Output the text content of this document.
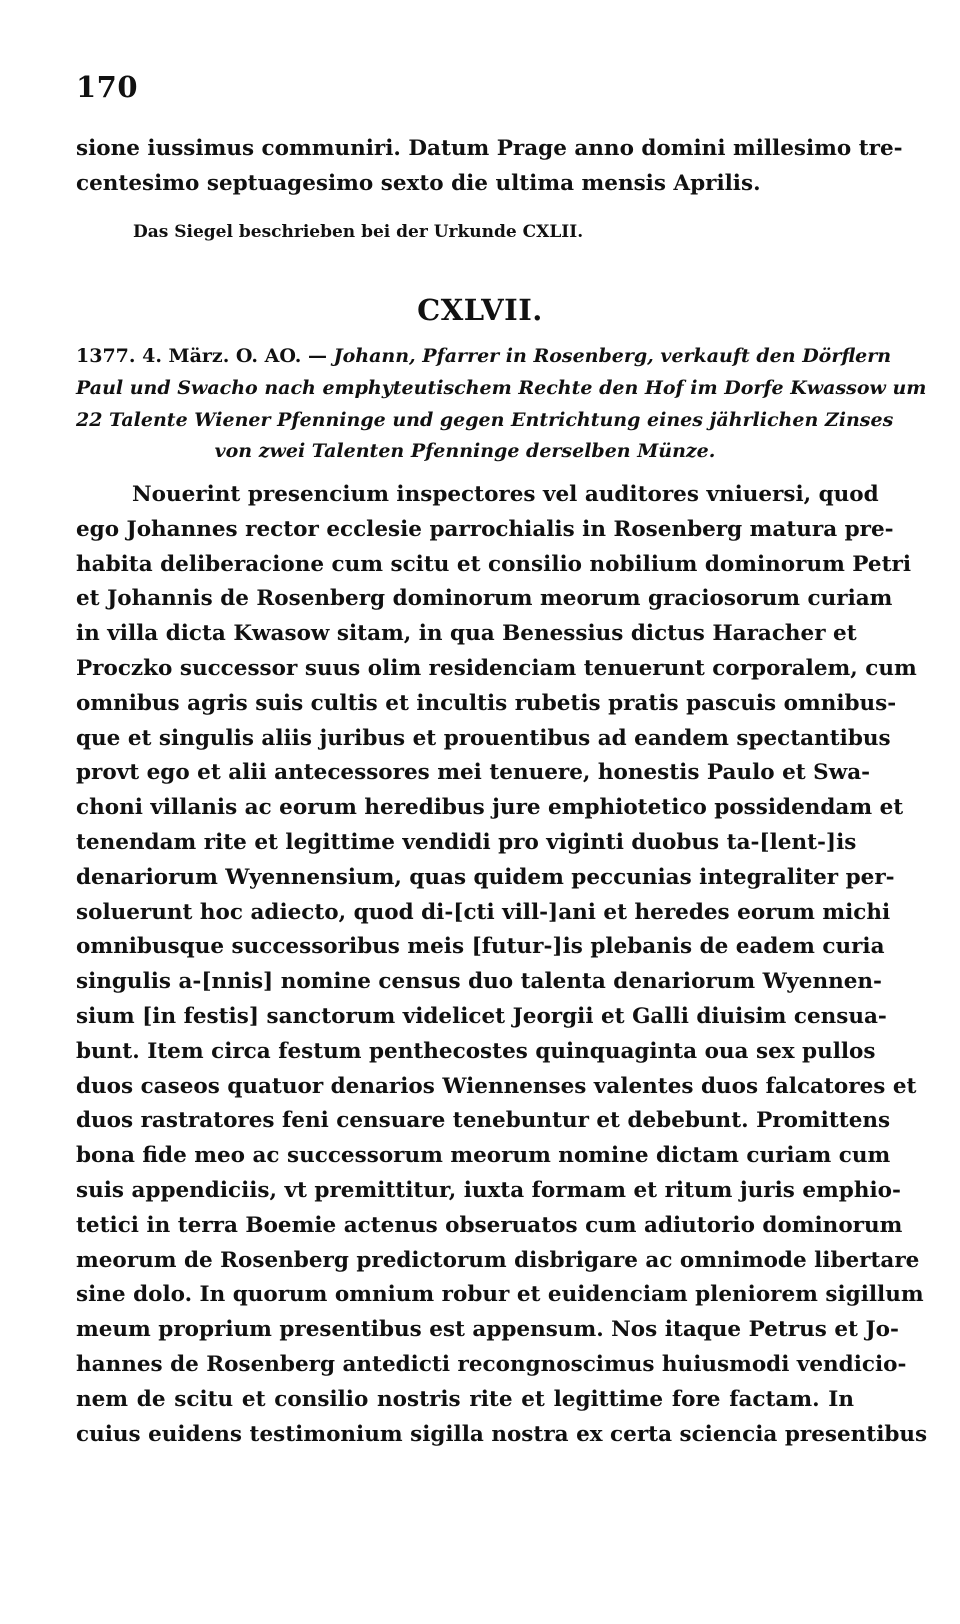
170
sione iussimus communiri. Datum Prage anno domini millesimo tre-
centesimo septuagesimo sexto die ultima mensis Aprilis.
Das Siegel beschrieben bei der Urkunde CXLII.
CXLVII.
1377. 4. März. O. AO. — Johann, Pfarrer in Rosenberg, verkauft den Dörflern
Paul und Swacho nach emphyteutischem Rechte den Hof im Dorfe Kwassow um
22 Talente Wiener Pfenninge und gegen Entrichtung eines jährlichen Zinses
von zwei Talenten Pfenninge derselben Münze.
Nouerint presencium inspectores vel auditores vniuersi, quod
ego Johannes rector ecclesie parrochialis in Rosenberg matura pre-
habita deliberacione cum scitu et consilio nobilium dominorum Petri
et Johannis de Rosenberg dominorum meorum graciosorum curiam
in villa dicta Kwasow sitam, in qua Benessius dictus Haracher et
Proczko successor suus olim residenciam tenuerunt corporalem, cum
omnibus agris suis cultis et incultis rubetis pratis pascuis omnibus-
que et singulis aliis juribus et prouentibus ad eandem spectantibus
provt ego et alii antecessores mei tenuere, honestis Paulo et Swa-
choni villanis ac eorum heredibus jure emphiotetico possidendam et
tenendam rite et legittime vendidi pro viginti duobus ta-[lent-]is
denariorum Wyennensium, quas quidem peccunias integraliter per-
soluerunt hoc adiecto, quod di-[cti vill-]ani et heredes eorum michi
omnibusque successoribus meis [futur-]is plebanis de eadem curia
singulis a-[nnis] nomine census duo talenta denariorum Wyennen-
sium [in festis] sanctorum videlicet Jeorgii et Galli diuisim censua-
bunt. Item circa festum penthecostes quinquaginta oua sex pullos
duos caseos quatuor denarios Wiennenses valentes duos falcatores et
duos rastratores feni censuare tenebuntur et debebunt. Promittens
bona fide meo ac successorum meorum nomine dictam curiam cum
suis appendiciis, vt premittitur, iuxta formam et ritum juris emphio-
tetici in terra Boemie actenus obseruatos cum adiutorio dominorum
meorum de Rosenberg predictorum disbrigare ac omnimode libertare
sine dolo. In quorum omnium robur et euidenciam pleniorem sigillum
meum proprium presentibus est appensum. Nos itaque Petrus et Jo-
hannes de Rosenberg antedicti recongnoscimus huiusmodi vendicio-
nem de scitu et consilio nostris rite et legittime fore factam. In
cuius euidens testimonium sigilla nostra ex certa sciencia presentibus
